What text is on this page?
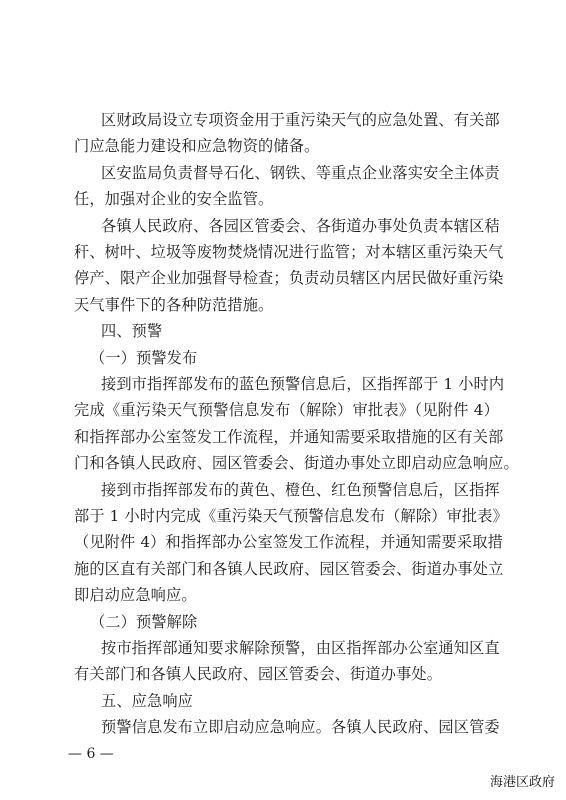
区财政局设立专项资金用于重污染天气的应急处置、有关部
门应急能力建设和应急物资的储备。
区安监局负责督导石化、钢铁、等重点企业落实安全主体责
任，加强对企业的安全监管。
各镇人民政府、各园区管委会、各街道办事处负责本辖区秸
秆、树叶、垃圾等废物焚烧情况进行监管；对本辖区重污染天气
停产、限产企业加强督导检查；负责动员辖区内居民做好重污染
天气事件下的各种防范措施。
四、预警
（一）预警发布
接到市指挥部发布的蓝色预警信息后，区指挥部于 1 小时内
完成《重污染天气预警信息发布（解除）审批表》（见附件 4）
和指挥部办公室签发工作流程，并通知需要采取措施的区有关部
门和各镇人民政府、园区管委会、街道办事处立即启动应急响应。
接到市指挥部发布的黄色、橙色、红色预警信息后，区指挥
部于 1 小时内完成《重污染天气预警信息发布（解除）审批表》
（见附件 4）和指挥部办公室签发工作流程，并通知需要采取措
施的区直有关部门和各镇人民政府、园区管委会、街道办事处立
即启动应急响应。
（二）预警解除
按市指挥部通知要求解除预警，由区指挥部办公室通知区直
有关部门和各镇人民政府、园区管委会、街道办事处。
五、应急响应
预警信息发布立即启动应急响应。各镇人民政府、园区管委
— 6 —
海港区政府
